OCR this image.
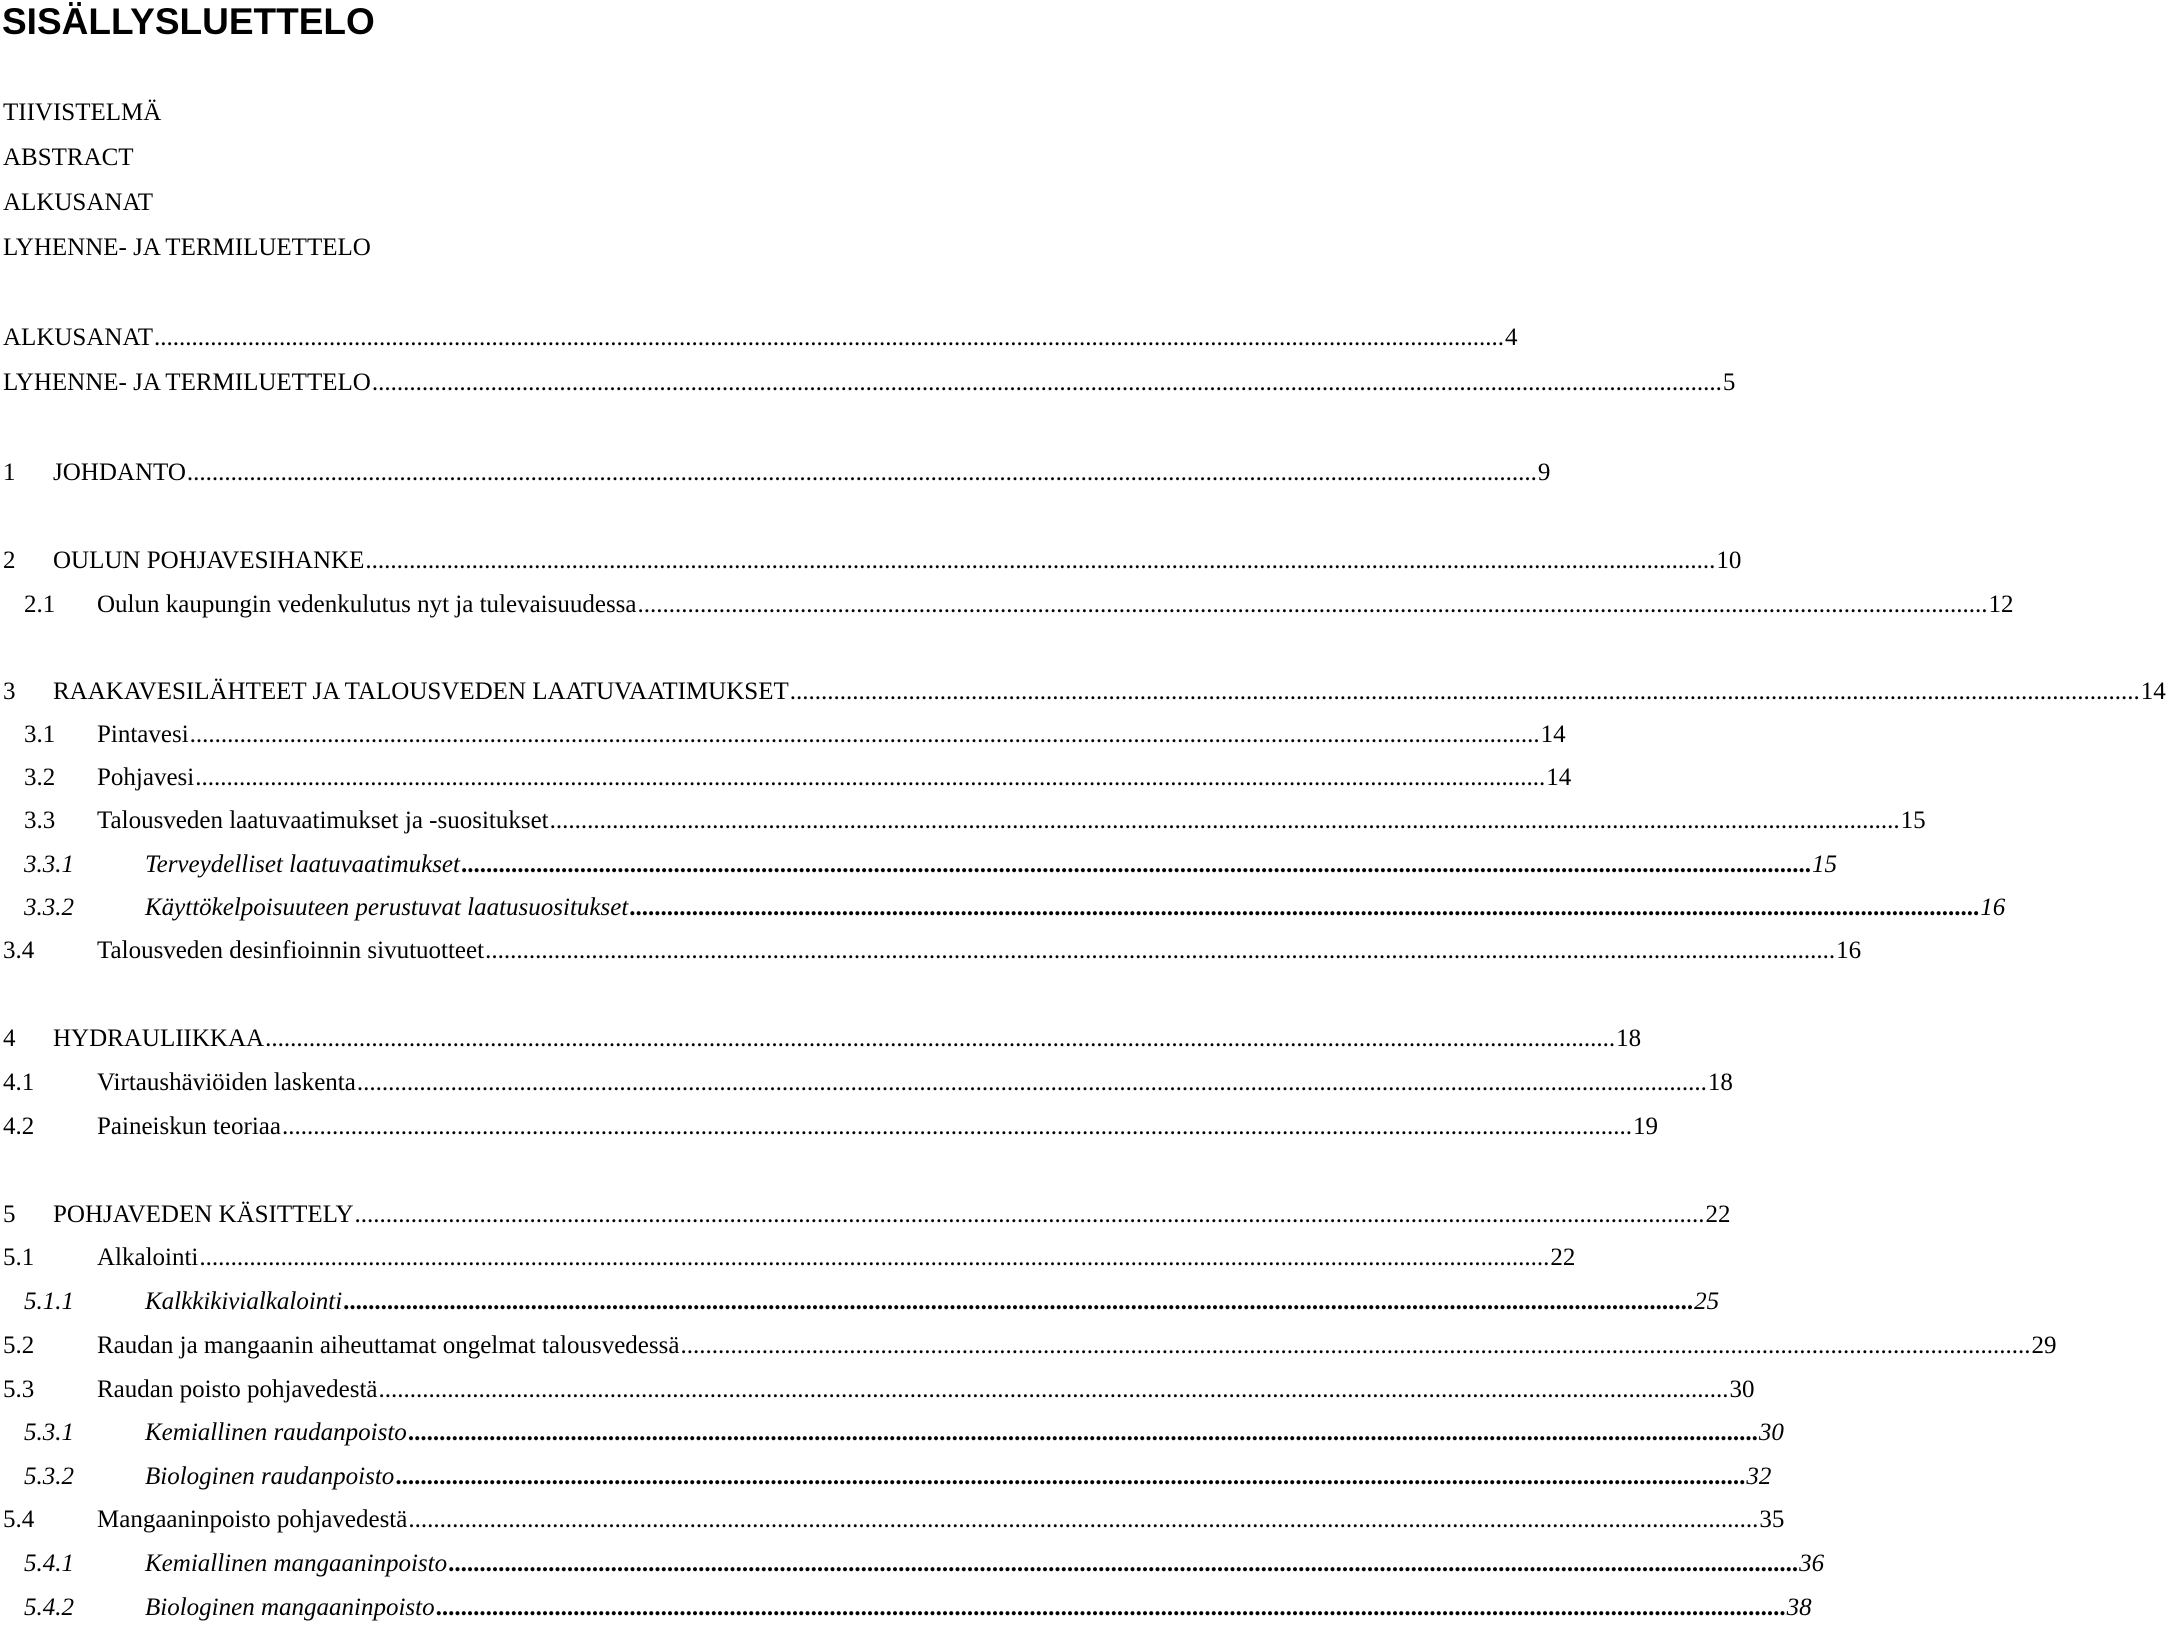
SISÄLLYSLUETTELO
TIIVISTELMÄ
ABSTRACT
ALKUSANAT
LYHENNE- JA TERMILUETTELO
ALKUSANAT ........................................................................................................................................................................................................................ 4
LYHENNE- JA TERMILUETTELO ........................................................................................................................................................................................................................ 5
1 JOHDANTO ........................................................................................................................................................................................................................ 9
2 OULUN POHJAVESIHANKE ........................................................................................................................................................................................................................ 10
2.1 Oulun kaupungin vedenkulutus nyt ja tulevaisuudessa ........................................................................................................................................................................................................................ 12
3 RAAKAVESILÄHTEET JA TALOUSVEDEN LAATUVAATIMUKSET ........................................................................................................................................................................................................................ 14
3.1 Pintavesi ........................................................................................................................................................................................................................ 14
3.2 Pohjavesi ........................................................................................................................................................................................................................ 14
3.3 Talousveden laatuvaatimukset ja -suositukset ........................................................................................................................................................................................................................ 15
3.3.1	Terveydelliset laatuvaatimukset ........................................................................................................................................................................................................................ 15
3.3.2	Käyttökelpoisuuteen perustuvat laatusuositukset ........................................................................................................................................................................................................................ 16
3.4	Talousveden desinfioinnin sivutuotteet ........................................................................................................................................................................................................................ 16
4 HYDRAULIIKKAA ........................................................................................................................................................................................................................ 18
4.1	Virtaushäviöiden laskenta ........................................................................................................................................................................................................................ 18
4.2	Paineiskun teoriaa ........................................................................................................................................................................................................................ 19
5 POHJAVEDEN KÄSITTELY ........................................................................................................................................................................................................................ 22
5.1	Alkalointi ........................................................................................................................................................................................................................ 22
5.1.1	Kalkkikivialkalointi ........................................................................................................................................................................................................................ 25
5.2	Raudan ja mangaanin aiheuttamat ongelmat talousvedessä ........................................................................................................................................................................................................................ 29
5.3	Raudan poisto pohjavedestä ........................................................................................................................................................................................................................ 30
5.3.1	Kemiallinen raudanpoisto ........................................................................................................................................................................................................................ 30
5.3.2	Biologinen raudanpoisto ........................................................................................................................................................................................................................ 32
5.4	Mangaaninpoisto pohjavedestä ........................................................................................................................................................................................................................ 35
5.4.1	Kemiallinen mangaaninpoisto ........................................................................................................................................................................................................................ 36
5.4.2	Biologinen mangaaninpoisto ........................................................................................................................................................................................................................ 38
